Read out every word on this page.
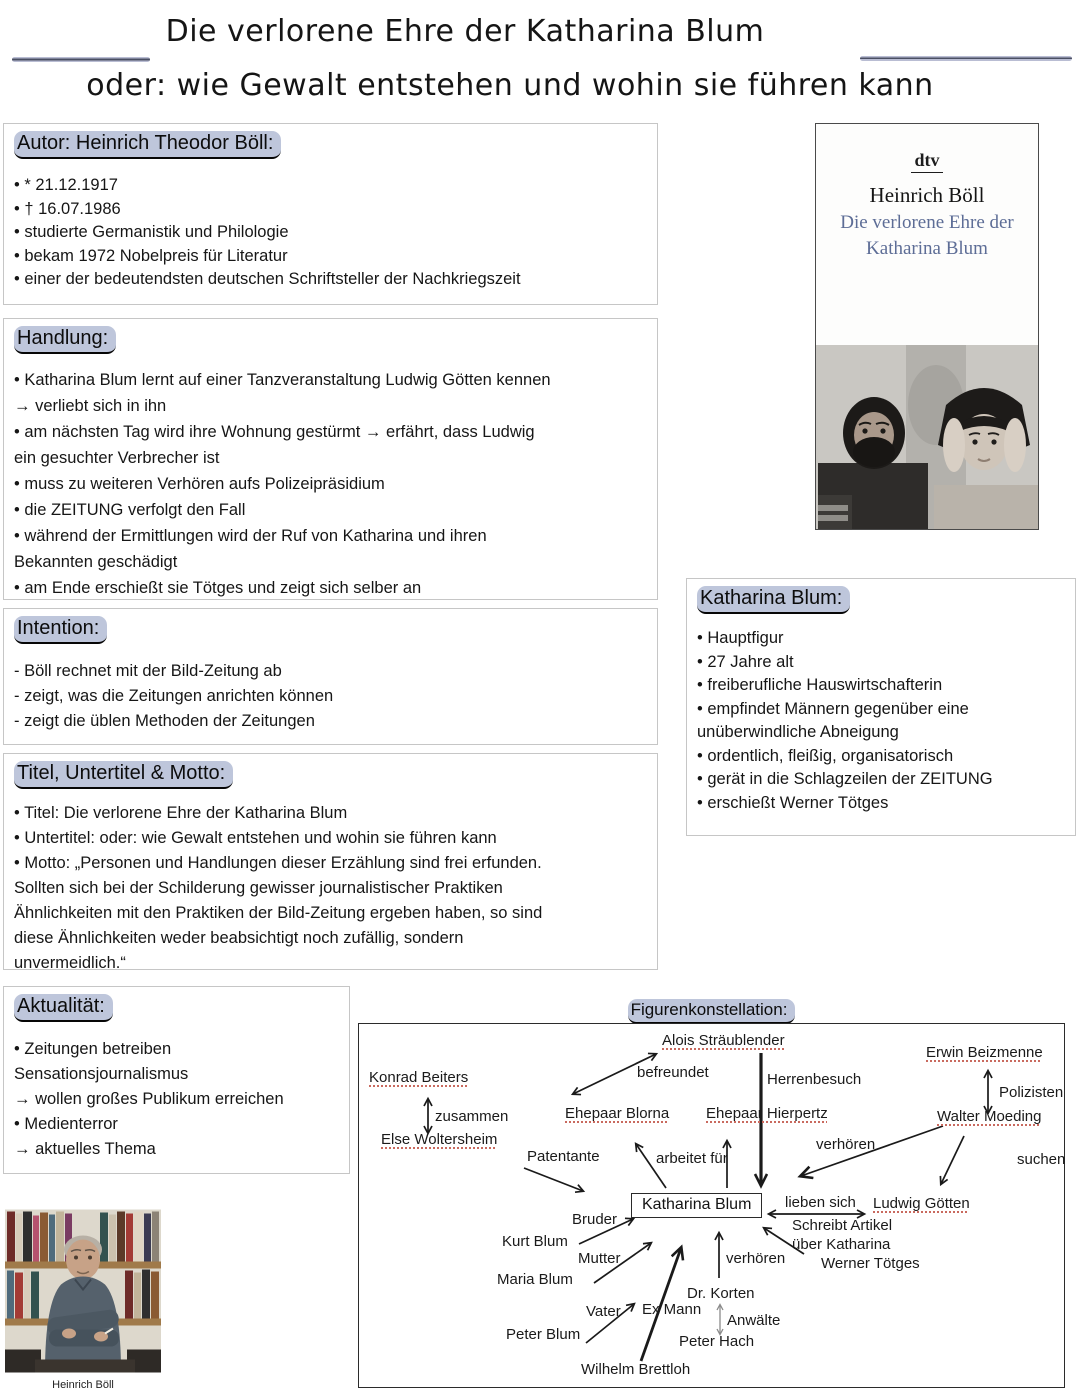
Die verlorene Ehre der Katharina Blum
oder: wie Gewalt entstehen und wohin sie führen kann
Autor: Heinrich Theodor Böll:
• * 21.12.1917
• † 16.07.1986
• studierte Germanistik und Philologie
• bekam 1972 Nobelpreis für Literatur
• einer der bedeutendsten deutschen Schriftsteller der Nachkriegszeit
Handlung:
• Katharina Blum lernt auf einer Tanzveranstaltung Ludwig Götten kennen
→ verliebt sich in ihn
• am nächsten Tag wird ihre Wohnung gestürmt → erfährt, dass Ludwig
ein gesuchter Verbrecher ist
• muss zu weiteren Verhören aufs Polizeipräsidium
• die ZEITUNG verfolgt den Fall
• während der Ermittlungen wird der Ruf von Katharina und ihren
Bekannten geschädigt
• am Ende erschießt sie Tötges und zeigt sich selber an
Intention:
- Böll rechnet mit der Bild-Zeitung ab
- zeigt, was die Zeitungen anrichten können
- zeigt die üblen Methoden der Zeitungen
Titel, Untertitel & Motto:
• Titel: Die verlorene Ehre der Katharina Blum
• Untertitel: oder: wie Gewalt entstehen und wohin sie führen kann
• Motto: „Personen und Handlungen dieser Erzählung sind frei erfunden.
Sollten sich bei der Schilderung gewisser journalistischer Praktiken
Ähnlichkeiten mit den Praktiken der Bild-Zeitung ergeben haben, so sind
diese Ähnlichkeiten weder beabsichtigt noch zufällig, sondern
unvermeidlich.“
Aktualität:
• Zeitungen betreiben
Sensationsjournalismus
→ wollen großes Publikum erreichen
• Medienterror
→ aktuelles Thema
Katharina Blum:
• Hauptfigur
• 27 Jahre alt
• freiberufliche Hauswirtschafterin
• empfindet Männern gegenüber eine
unüberwindliche Abneigung
• ordentlich, fleißig, organisatorisch
• gerät in die Schlagzeilen der ZEITUNG
• erschießt Werner Tötges
dtv
Heinrich Böll
Die verlorene Ehre der
Katharina Blum
Figurenkonstellation:
Alois Sträublender
Konrad Beiters
Erwin Beizmenne
Herrenbesuch
befreundet
zusammen	Ehepaar Blorna Ehepaar Hierpertz
Polizisten
Walter Moeding
Else Woltersheim
Patentante	arbeitet für
verhören
suchen
Katharina Blum	lieben sich Ludwig Götten
Schreibt Artikel
über Katharina
Bruder
Kurt Blum
Mutter	verhören Werner Tötges
Maria Blum
Dr. Korten
Vater Ex Mann
Anwälte
Peter Blum	Peter Hach
Wilhelm Brettloh
Heinrich Böll
